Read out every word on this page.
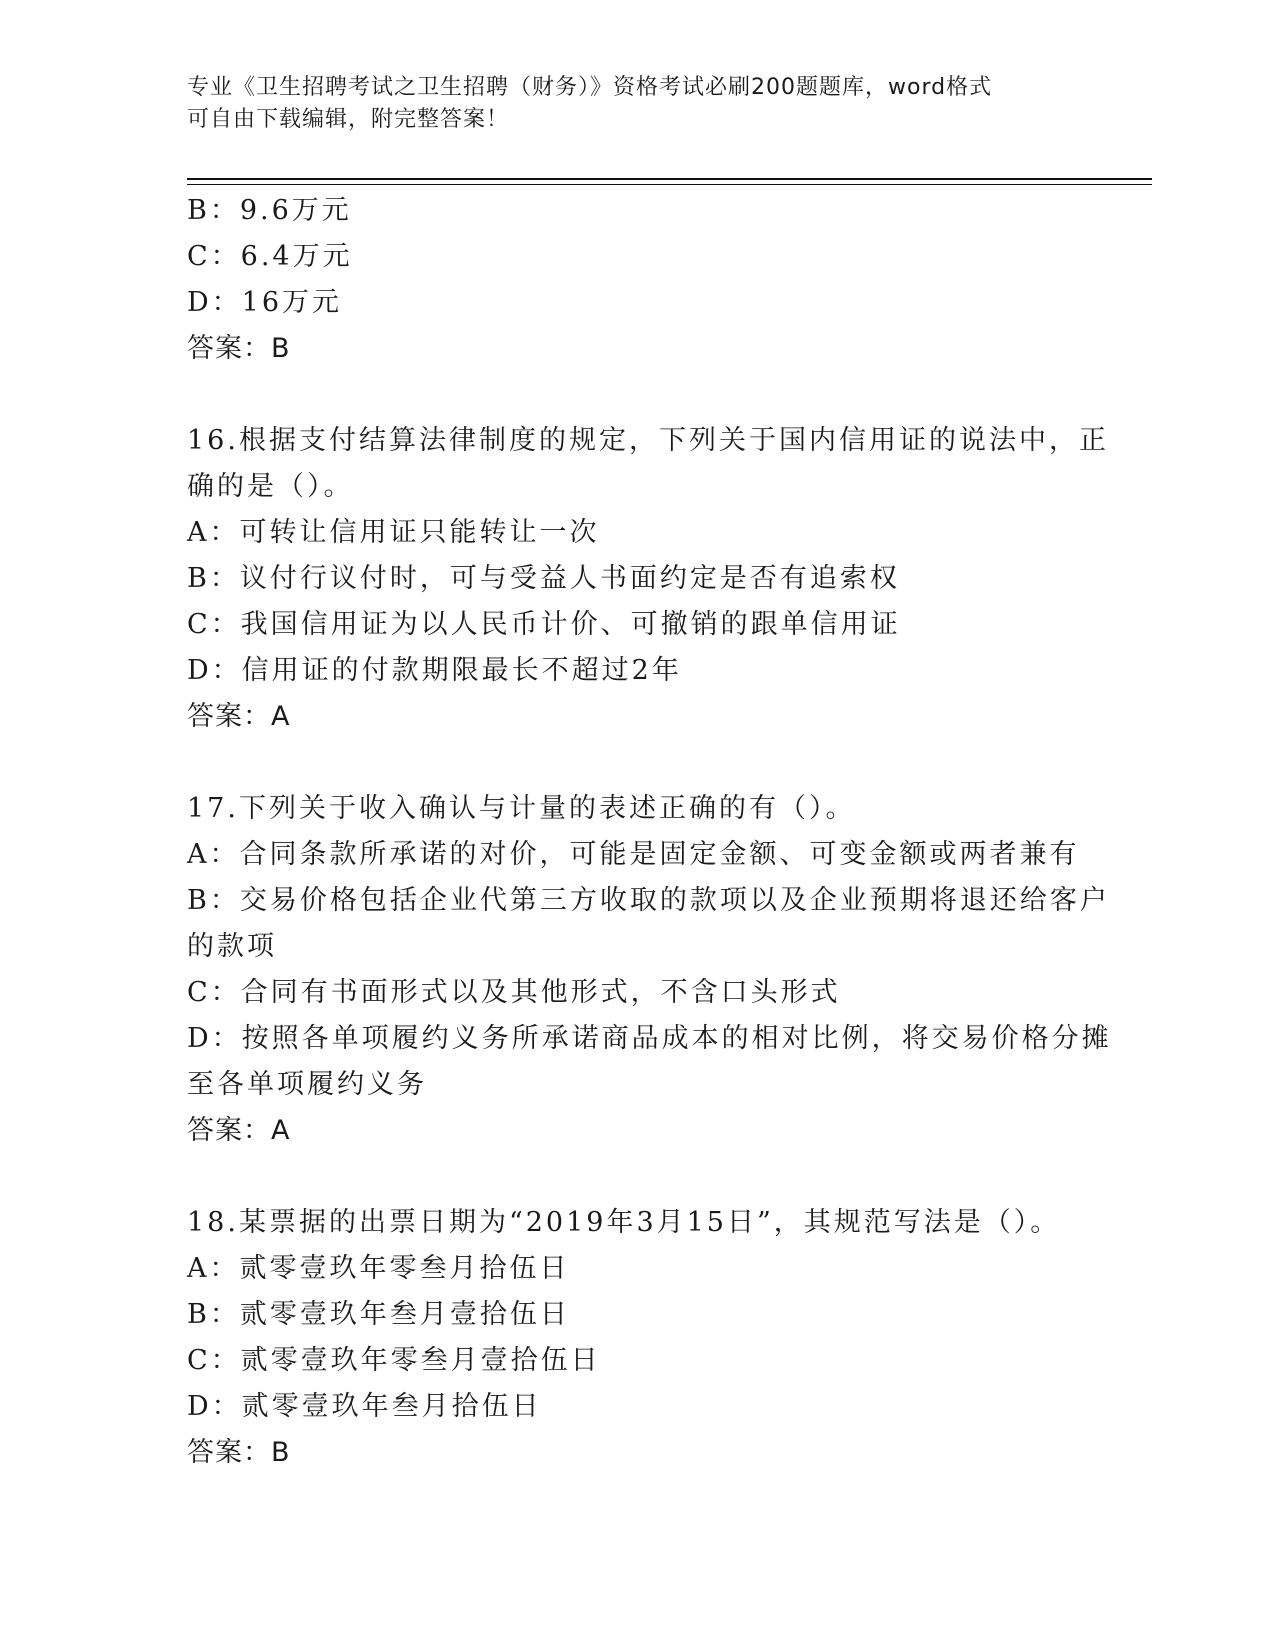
专业《卫生招聘考试之卫生招聘（财务）》资格考试必刷200题题库，word格式
可自由下载编辑，附完整答案！
B：9.6万元
C：6.4万元
D：16万元
答案：B
16.根据支付结算法律制度的规定，下列关于国内信用证的说法中，正
确的是（）。
A：可转让信用证只能转让一次
B：议付行议付时，可与受益人书面约定是否有追索权
C：我国信用证为以人民币计价、可撤销的跟单信用证
D：信用证的付款期限最长不超过2年
答案：A
17.下列关于收入确认与计量的表述正确的有（）。
A：合同条款所承诺的对价，可能是固定金额、可变金额或两者兼有
B：交易价格包括企业代第三方收取的款项以及企业预期将退还给客户
的款项
C：合同有书面形式以及其他形式，不含口头形式
D：按照各单项履约义务所承诺商品成本的相对比例，将交易价格分摊
至各单项履约义务
答案：A
18.某票据的出票日期为“2019年3月15日”，其规范写法是（）。
A：贰零壹玖年零叁月拾伍日
B：贰零壹玖年叁月壹拾伍日
C：贰零壹玖年零叁月壹拾伍日
D：贰零壹玖年叁月拾伍日
答案：B
